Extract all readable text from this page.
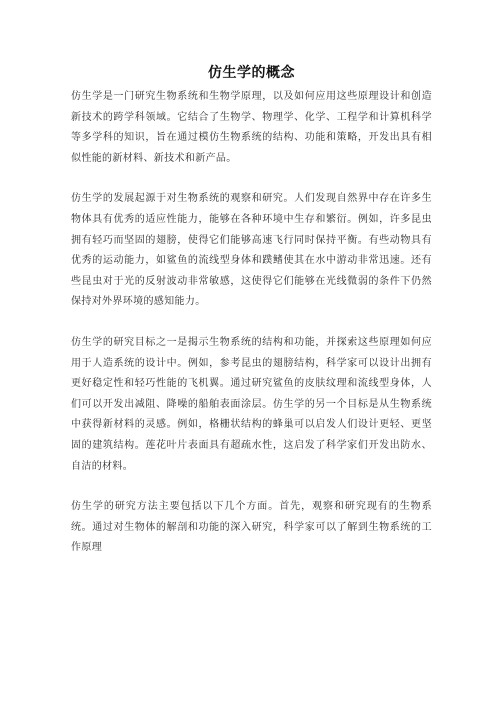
仿生学的概念

仿生学是一门研究生物系统和生物学原理，以及如何应用这些原理设计和创造新技术的跨学科领域。它结合了生物学、物理学、化学、工程学和计算机科学等多学科的知识，旨在通过模仿生物系统的结构、功能和策略，开发出具有相似性能的新材料、新技术和新产品。

仿生学的发展起源于对生物系统的观察和研究。人们发现自然界中存在许多生物体具有优秀的适应性能力，能够在各种环境中生存和繁衍。例如，许多昆虫拥有轻巧而坚固的翅膀，使得它们能够高速飞行同时保持平衡。有些动物具有优秀的运动能力，如鲨鱼的流线型身体和蹼鳍使其在水中游动非常迅速。还有些昆虫对于光的反射波动非常敏感，这使得它们能够在光线微弱的条件下仍然保持对外界环境的感知能力。

仿生学的研究目标之一是揭示生物系统的结构和功能，并探索这些原理如何应用于人造系统的设计中。例如，参考昆虫的翅膀结构，科学家可以设计出拥有更好稳定性和轻巧性能的飞机翼。通过研究鲨鱼的皮肤纹理和流线型身体，人们可以开发出减阻、降噪的船舶表面涂层。仿生学的另一个目标是从生物系统中获得新材料的灵感。例如，格栅状结构的蜂巢可以启发人们设计更轻、更坚固的建筑结构。莲花叶片表面具有超疏水性，这启发了科学家们开发出防水、自洁的材料。

仿生学的研究方法主要包括以下几个方面。首先，观察和研究现有的生物系统。通过对生物体的解剖和功能的深入研究，科学家可以了解到生物系统的工作原理
